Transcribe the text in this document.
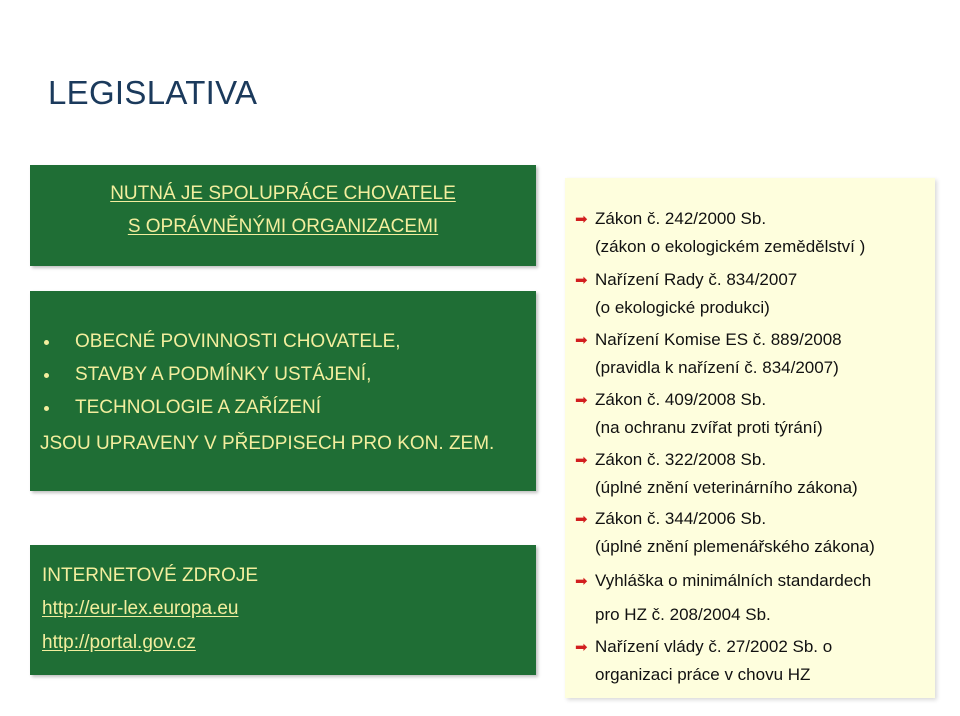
LEGISLATIVA
NUTNÁ JE SPOLUPRÁCE CHOVATELE
S OPRÁVNĚNÝMI ORGANIZACEMI
OBECNÉ POVINNOSTI CHOVATELE,
STAVBY A PODMÍNKY USTÁJENÍ,
TECHNOLOGIE A ZAŘÍZENÍ
JSOU UPRAVENY V PŘEDPISECH PRO KON. ZEM.
INTERNETOVÉ ZDROJE
http://eur-lex.europa.eu
http://portal.gov.cz
➡ Zákon č. 242/2000 Sb.
(zákon o ekologickém zemědělství )
➡ Nařízení Rady č. 834/2007
(o ekologické produkci)
➡ Nařízení Komise ES č. 889/2008
(pravidla k nařízení č. 834/2007)
➡ Zákon č. 409/2008 Sb.
(na ochranu zvířat proti týrání)
➡ Zákon č. 322/2008 Sb.
(úplné znění veterinárního zákona)
➡ Zákon č. 344/2006 Sb.
(úplné znění plemenářského zákona)
➡ Vyhláška o minimálních standardech
pro HZ č. 208/2004 Sb.
➡ Nařízení vlády č. 27/2002 Sb. o
organizaci práce v chovu HZ
